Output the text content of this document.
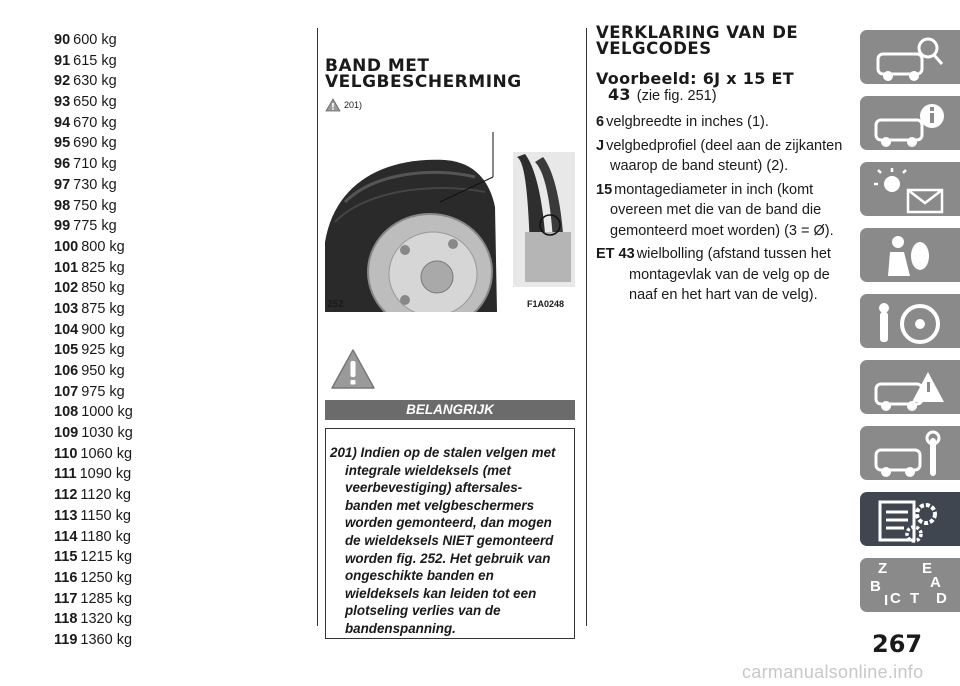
90 600 kg
91 615 kg
92 630 kg
93 650 kg
94 670 kg
95 690 kg
96 710 kg
97 730 kg
98 750 kg
99 775 kg
100 800 kg
101 825 kg
102 850 kg
103 875 kg
104 900 kg
105 925 kg
106 950 kg
107 975 kg
108 1000 kg
109 1030 kg
110 1060 kg
111 1090 kg
112 1120 kg
113 1150 kg
114 1180 kg
115 1215 kg
116 1250 kg
117 1285 kg
118 1320 kg
119 1360 kg
BAND MET
VELGBESCHERMING
201)
252	F1A0248
BELANGRIJK
201) Indien op de stalen velgen met
integrale wieldeksels (met
veerbevestiging) aftersales-
banden met velgbeschermers
worden gemonteerd, dan mogen
de wieldeksels NIET gemonteerd
worden fig. 252. Het gebruik van
ongeschikte banden en
wieldeksels kan leiden tot een
plotseling verlies van de
bandenspanning.
VERKLARING VAN DE
VELGCODES
Voorbeeld: 6J x 15 ET
43 (zie fig. 251)
6 velgbreedte in inches (1).
J velgbedprofiel (deel aan de zijkanten
waarop de band steunt) (2).
15 montagediameter in inch (komt
overeen met die van de band die
gemonteerd moet worden) (3 = Ø).
ET 43 wielbolling (afstand tussen het
montagevlak van de velg op de
naaf en het hart van de velg).
Z E
B	A
C T D
I
267
carmanualsonline.info
